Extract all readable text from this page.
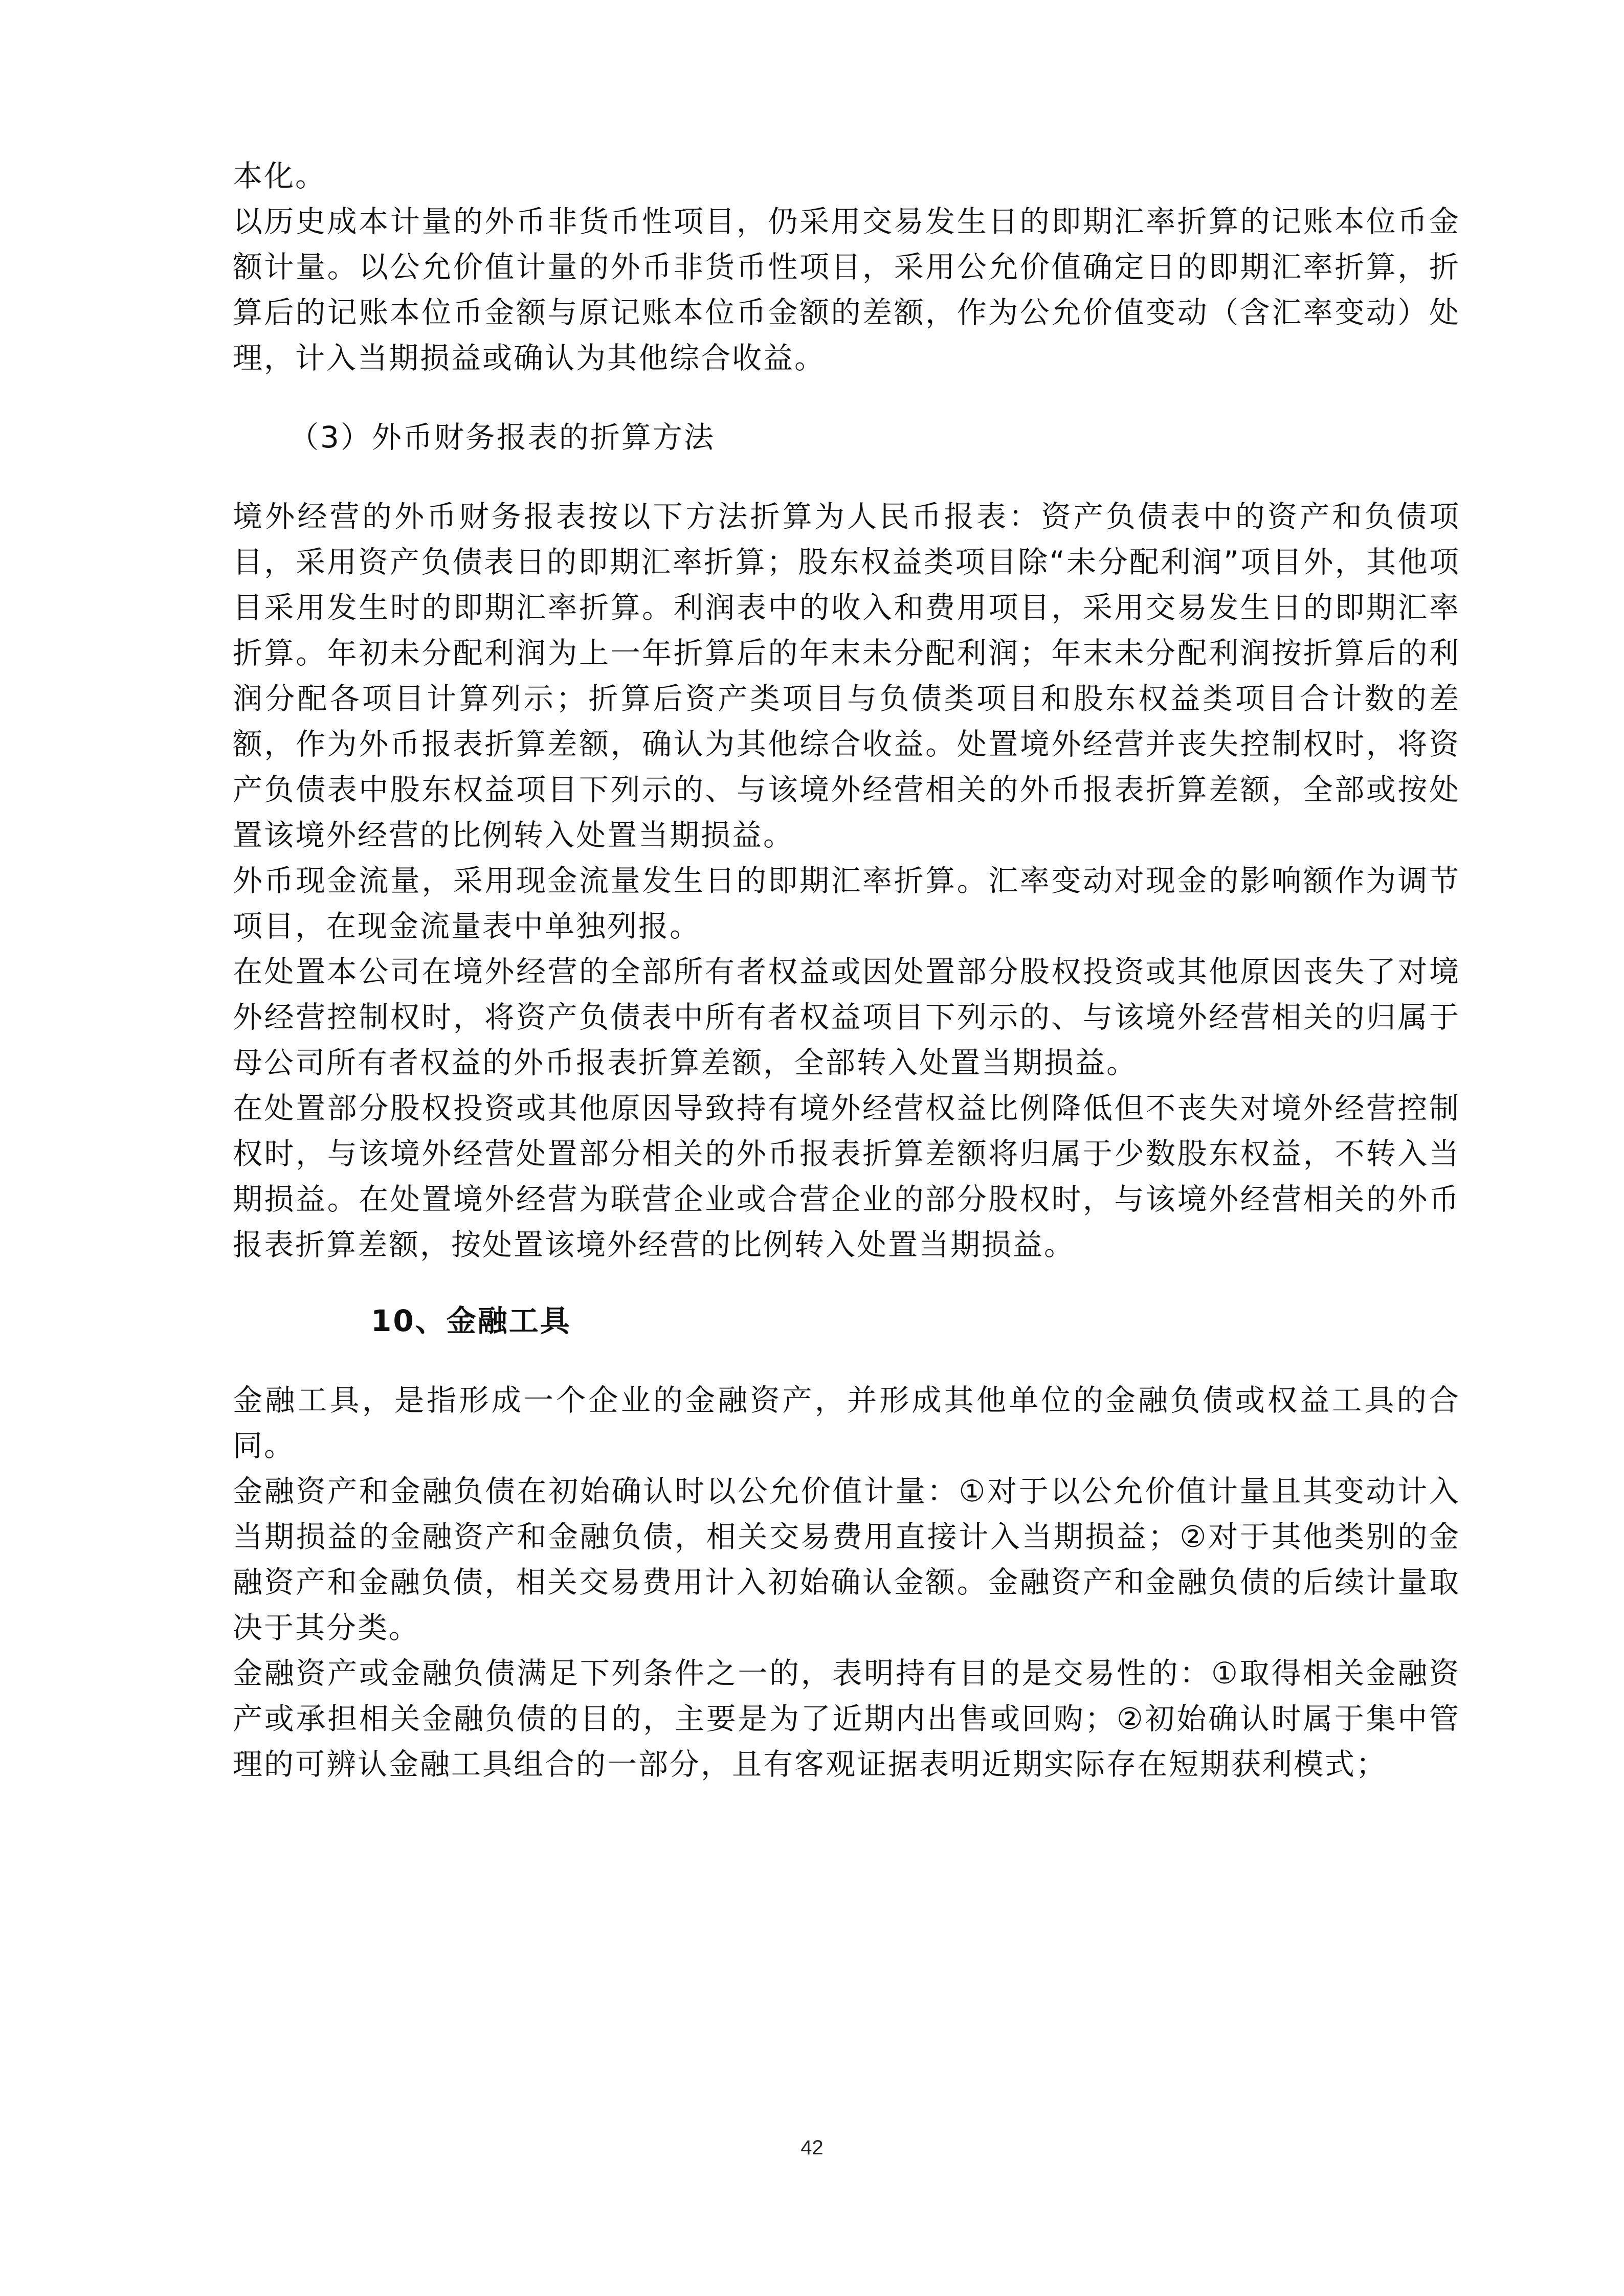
本化。

以历史成本计量的外币非货币性项目，仍采用交易发生日的即期汇率折算的记账本位币金额计量。以公允价值计量的外币非货币性项目，采用公允价值确定日的即期汇率折算，折算后的记账本位币金额与原记账本位币金额的差额，作为公允价值变动（含汇率变动）处理，计入当期损益或确认为其他综合收益。

（3）外币财务报表的折算方法

境外经营的外币财务报表按以下方法折算为人民币报表：资产负债表中的资产和负债项目，采用资产负债表日的即期汇率折算；股东权益类项目除“未分配利润”项目外，其他项目采用发生时的即期汇率折算。利润表中的收入和费用项目，采用交易发生日的即期汇率折算。年初未分配利润为上一年折算后的年末未分配利润；年末未分配利润按折算后的利润分配各项目计算列示；折算后资产类项目与负债类项目和股东权益类项目合计数的差额，作为外币报表折算差额，确认为其他综合收益。处置境外经营并丧失控制权时，将资产负债表中股东权益项目下列示的、与该境外经营相关的外币报表折算差额，全部或按处置该境外经营的比例转入处置当期损益。

外币现金流量，采用现金流量发生日的即期汇率折算。汇率变动对现金的影响额作为调节项目，在现金流量表中单独列报。

在处置本公司在境外经营的全部所有者权益或因处置部分股权投资或其他原因丧失了对境外经营控制权时，将资产负债表中所有者权益项目下列示的、与该境外经营相关的归属于母公司所有者权益的外币报表折算差额，全部转入处置当期损益。

在处置部分股权投资或其他原因导致持有境外经营权益比例降低但不丧失对境外经营控制权时，与该境外经营处置部分相关的外币报表折算差额将归属于少数股东权益，不转入当期损益。在处置境外经营为联营企业或合营企业的部分股权时，与该境外经营相关的外币报表折算差额，按处置该境外经营的比例转入处置当期损益。

10、金融工具

金融工具，是指形成一个企业的金融资产，并形成其他单位的金融负债或权益工具的合同。

金融资产和金融负债在初始确认时以公允价值计量：①对于以公允价值计量且其变动计入当期损益的金融资产和金融负债，相关交易费用直接计入当期损益；②对于其他类别的金融资产和金融负债，相关交易费用计入初始确认金额。金融资产和金融负债的后续计量取决于其分类。

金融资产或金融负债满足下列条件之一的，表明持有目的是交易性的：①取得相关金融资产或承担相关金融负债的目的，主要是为了近期内出售或回购；②初始确认时属于集中管理的可辨认金融工具组合的一部分，且有客观证据表明近期实际存在短期获利模式；

42
